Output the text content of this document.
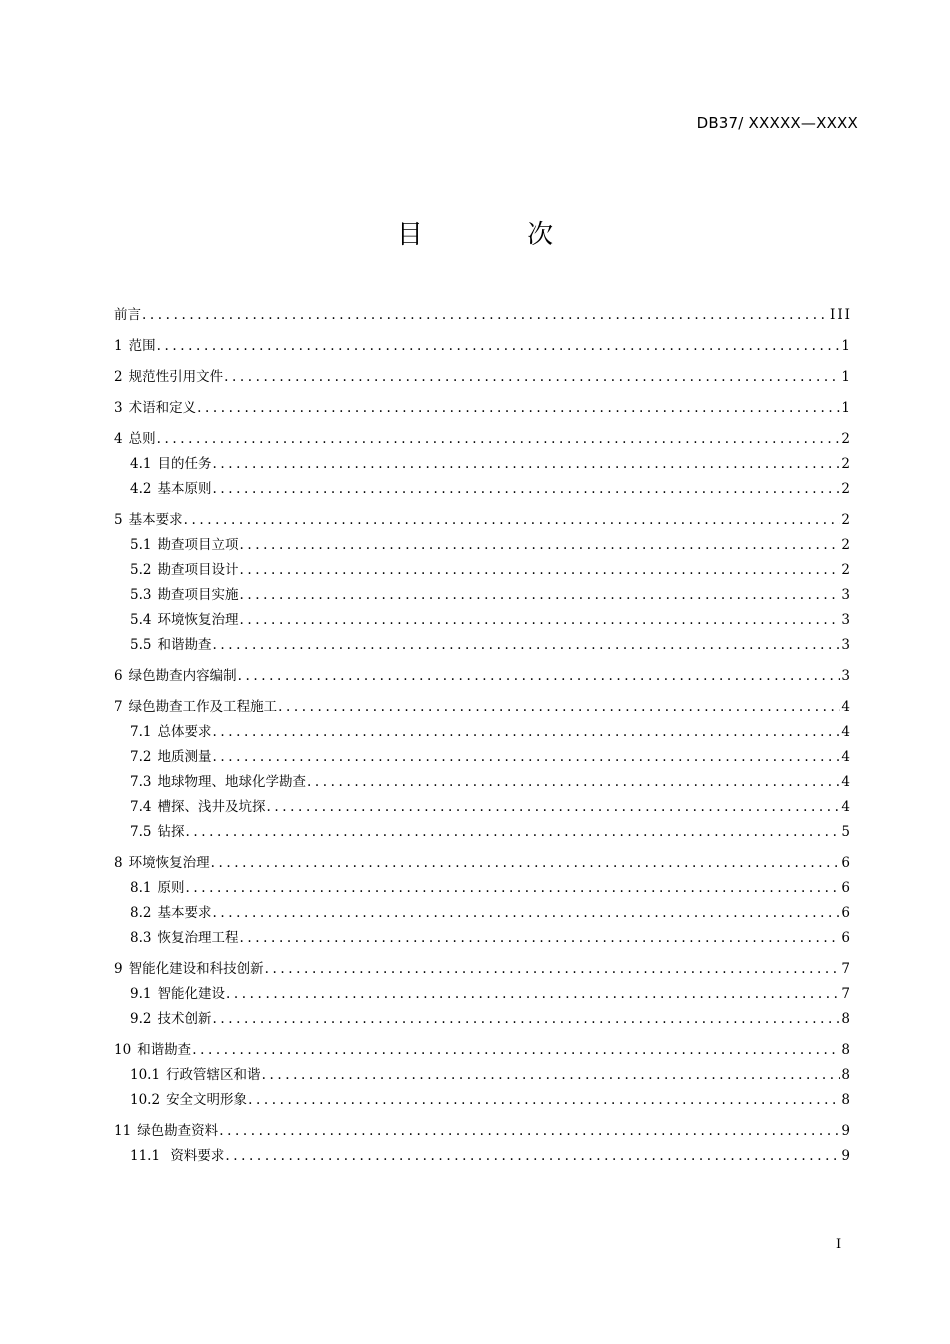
DB37/ XXXXX—XXXX
目 次
前言 .....	III
1 范围 .....	1
2 规范性引用文件 .....	1
3 术语和定义 .....	1
4 总则 .....	2
4.1 目的任务 .....	2
4.2 基本原则 .....	2
5 基本要求 .....	2
5.1 勘查项目立项 .....	2
5.2 勘查项目设计 .....	2
5.3 勘查项目实施 .....	3
5.4 环境恢复治理 .....	3
5.5 和谐勘查 .....	3
6 绿色勘查内容编制 .....	3
7 绿色勘查工作及工程施工 .....	4
7.1 总体要求 .....	4
7.2 地质测量 .....	4
7.3 地球物理、地球化学勘查 .....	4
7.4 槽探、浅井及坑探 .....	4
7.5 钻探 .....	5
8 环境恢复治理 .....	6
8.1 原则 .....	6
8.2 基本要求 .....	6
8.3 恢复治理工程 .....	6
9 智能化建设和科技创新 .....	7
9.1 智能化建设 .....	7
9.2 技术创新 .....	8
10 和谐勘查 .....	8
10.1 行政管辖区和谐 .....	8
10.2 安全文明形象 .....	8
11 绿色勘查资料 .....	9
11.1 资料要求 .....	9
I
